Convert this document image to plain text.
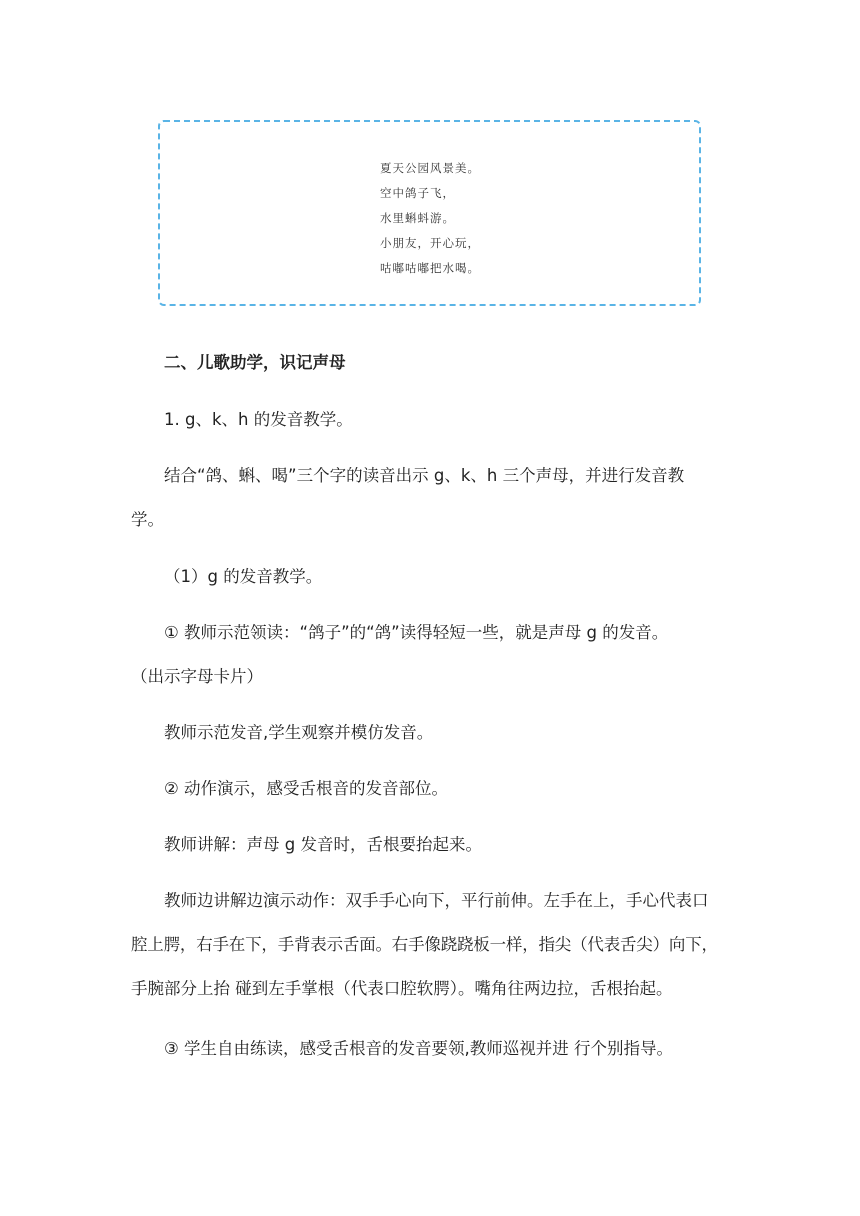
夏天公园风景美。
空中鸽子飞，
水里蝌蚪游。
小朋友，开心玩，
咕嘟咕嘟把水喝。
二、儿歌助学，识记声母
1. g、k、h 的发音教学。
结合“鸽、蝌、喝”三个字的读音出示 g、k、h 三个声母，并进行发音教
学。
（1）g 的发音教学。
① 教师示范领读：“鸽子”的“鸽”读得轻短一些，就是声母 g 的发音。
（出示字母卡片）
教师示范发音,学生观察并模仿发音。
② 动作演示，感受舌根音的发音部位。
教师讲解：声母 g 发音时，舌根要抬起来。
教师边讲解边演示动作：双手手心向下，平行前伸。左手在上，手心代表口
腔上腭，右手在下，手背表示舌面。右手像跷跷板一样，指尖（代表舌尖）向下，
手腕部分上抬 碰到左手掌根（代表口腔软腭）。嘴角往两边拉，舌根抬起。
③ 学生自由练读，感受舌根音的发音要领,教师巡视并进 行个别指导。
